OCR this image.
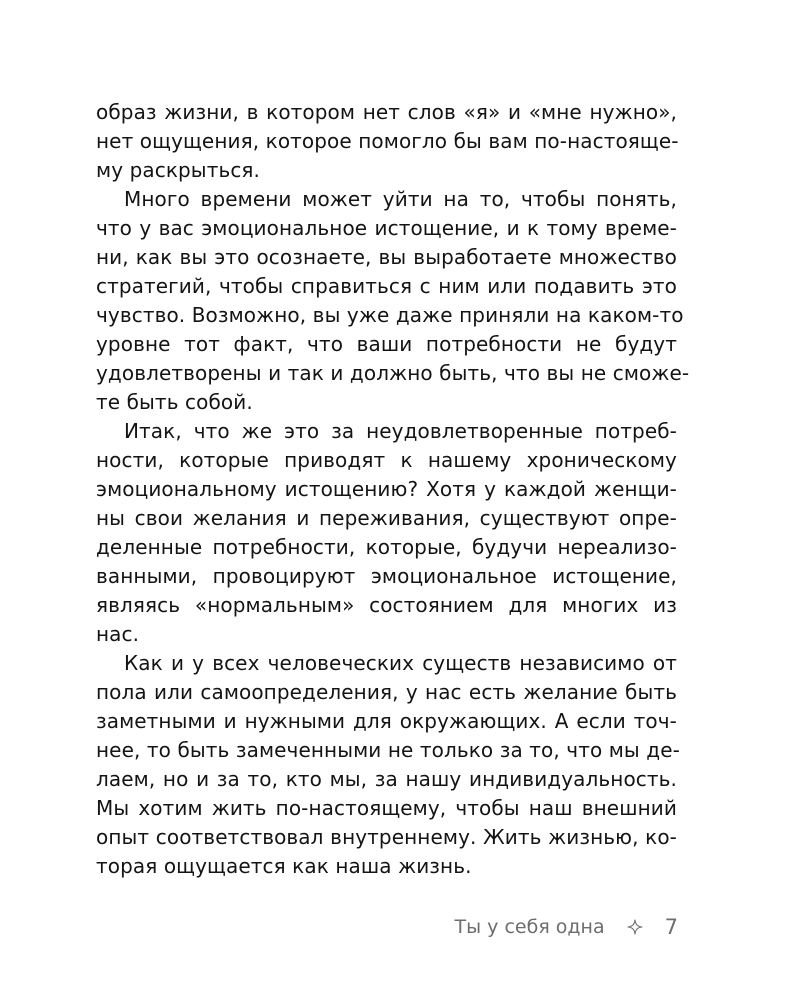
образ жизни, в котором нет слов «я» и «мне нужно»,
нет ощущения, которое помогло бы вам по-настояще-
му раскрыться.
Много времени может уйти на то, чтобы понять,
что у вас эмоциональное истощение, и к тому време-
ни, как вы это осознаете, вы выработаете множество
стратегий, чтобы справиться с ним или подавить это
чувство. Возможно, вы уже даже приняли на каком-то
уровне тот факт, что ваши потребности не будут
удовлетворены и так и должно быть, что вы не сможе-
те быть собой.
Итак, что же это за неудовлетворенные потреб-
ности, которые приводят к нашему хроническому
эмоциональному истощению? Хотя у каждой женщи-
ны свои желания и переживания, существуют опре-
деленные потребности, которые, будучи нереализо-
ванными, провоцируют эмоциональное истощение,
являясь «нормальным» состоянием для многих из
нас.
Как и у всех человеческих существ независимо от
пола или самоопределения, у нас есть желание быть
заметными и нужными для окружающих. А если точ-
нее, то быть замеченными не только за то, что мы де-
лаем, но и за то, кто мы, за нашу индивидуальность.
Мы хотим жить по-настоящему, чтобы наш внешний
опыт соответствовал внутреннему. Жить жизнью, ко-
торая ощущается как наша жизнь.
Ты у себя одна	7
